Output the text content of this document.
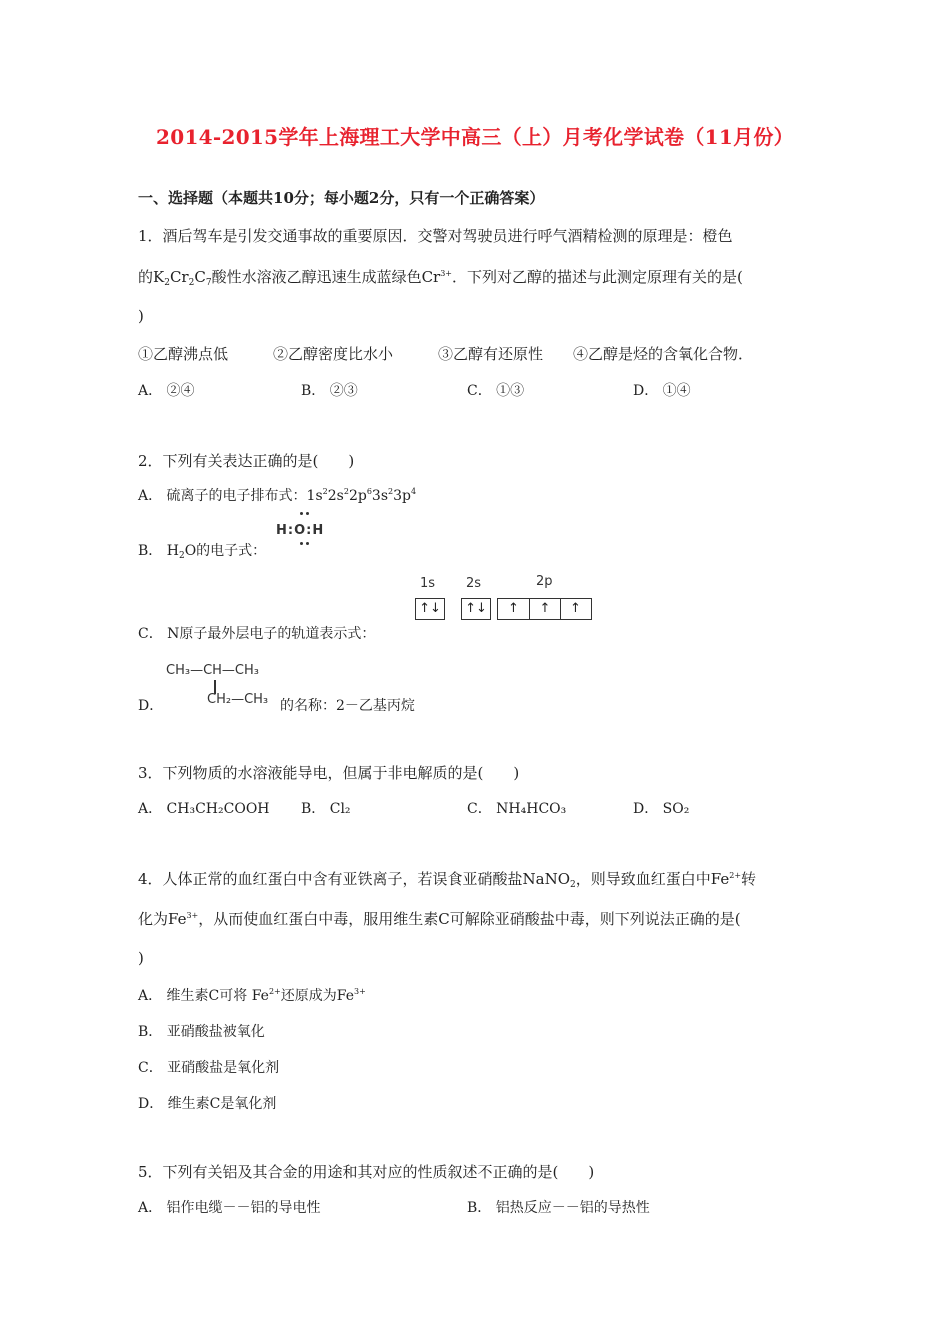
2014-2015学年上海理工大学中高三（上）月考化学试卷（11月份）
一、选择题（本题共10分；每小题2分，只有一个正确答案）
1．酒后驾车是引发交通事故的重要原因．交警对驾驶员进行呼气酒精检测的原理是：橙色
的$K_2Cr_2C_7$酸性水溶液乙醇迅速生成蓝绿色$Cr^{3+}$．下列对乙醇的描述与此测定原理有关的是(
)
①乙醇沸点低　　　②乙醇密度比水小　　　③乙醇有还原性　　④乙醇是烃的含氧化合物．
A． ②④	B． ②③	C． ①③	D． ①④
2．下列有关表达正确的是(　　)
A． 硫离子的电子排布式：$1s^22s^22p^63s^23p^4$
B． $H_2O$的电子式：
H:O:H
C． N原子最外层电子的轨道表示式：
1s 2s	2p
↑↓ ↑↓	↑	↑	↑
CH₃—CH—CH₃
CH₂—CH₃
D．	的名称：2－乙基丙烷
3．下列物质的水溶液能导电，但属于非电解质的是(　　)
A． CH₃CH₂COOH B． Cl₂	C． NH₄HCO₃	D． SO₂
4．人体正常的血红蛋白中含有亚铁离子，若误食亚硝酸盐NaNO$_2$，则导致血红蛋白中$Fe^{2+}$转
化为$Fe^{3+}$，从而使血红蛋白中毒，服用维生素C可解除亚硝酸盐中毒，则下列说法正确的是(
)
A． 维生素C可将 $Fe^{2+}$还原成为$Fe^{3+}$
B． 亚硝酸盐被氧化
C． 亚硝酸盐是氧化剂
D． 维生素C是氧化剂
5．下列有关铝及其合金的用途和其对应的性质叙述不正确的是(　　)
A． 铝作电缆－－铝的导电性	B． 铝热反应－－铝的导热性
